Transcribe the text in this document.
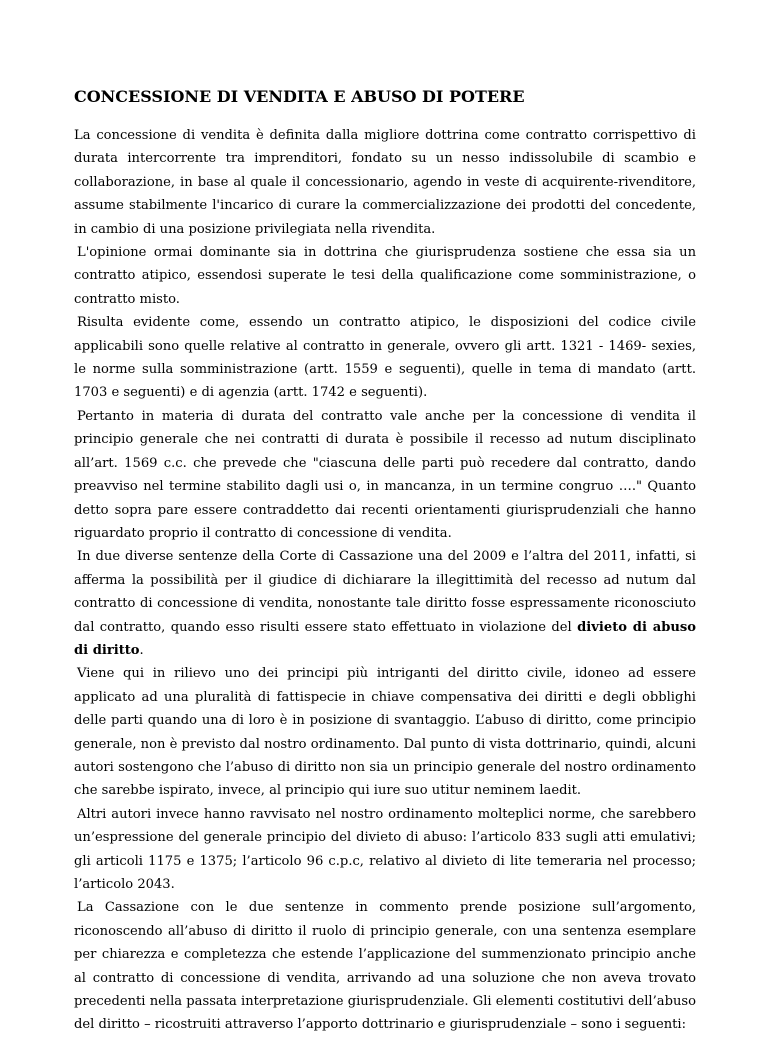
CONCESSIONE DI VENDITA E ABUSO DI POTERE

La concessione di vendita è definita dalla migliore dottrina come contratto corrispettivo di durata intercorrente tra imprenditori, fondato su un nesso indissolubile di scambio e collaborazione, in base al quale il concessionario, agendo in veste di acquirente-rivenditore, assume stabilmente l'incarico di curare la commercializzazione dei prodotti del concedente, in cambio di una posizione privilegiata nella rivendita.

L'opinione ormai dominante sia in dottrina che giurisprudenza sostiene che essa sia un contratto atipico, essendosi superate le tesi della qualificazione come somministrazione, o contratto misto.

Risulta evidente come, essendo un contratto atipico, le disposizioni del codice civile applicabili sono quelle relative al contratto in generale, ovvero gli artt. 1321 - 1469- sexies, le norme sulla somministrazione (artt. 1559 e seguenti), quelle in tema di mandato (artt. 1703 e seguenti) e di agenzia (artt. 1742 e seguenti).

Pertanto in materia di durata del contratto vale anche per la concessione di vendita il principio generale che nei contratti di durata è possibile il recesso ad nutum disciplinato all’art. 1569 c.c. che prevede che "ciascuna delle parti può recedere dal contratto, dando preavviso nel termine stabilito dagli usi o, in mancanza, in un termine congruo …." Quanto detto sopra pare essere contraddetto dai recenti orientamenti giurisprudenziali che hanno riguardato proprio il contratto di concessione di vendita.

In due diverse sentenze della Corte di Cassazione una del 2009 e l’altra del 2011, infatti, si afferma la possibilità per il giudice di dichiarare la illegittimità del recesso ad nutum dal contratto di concessione di vendita, nonostante tale diritto fosse espressamente riconosciuto dal contratto, quando esso risulti essere stato effettuato in violazione del divieto di abuso di diritto.

Viene qui in rilievo uno dei principi più intriganti del diritto civile, idoneo ad essere applicato ad una pluralità di fattispecie in chiave compensativa dei diritti e degli obblighi delle parti quando una di loro è in posizione di svantaggio. L’abuso di diritto, come principio generale, non è previsto dal nostro ordinamento. Dal punto di vista dottrinario, quindi, alcuni autori sostengono che l’abuso di diritto non sia un principio generale del nostro ordinamento che sarebbe ispirato, invece, al principio qui iure suo utitur neminem laedit.

Altri autori invece hanno ravvisato nel nostro ordinamento molteplici norme, che sarebbero un’espressione del generale principio del divieto di abuso: l’articolo 833 sugli atti emulativi; gli articoli 1175 e 1375; l’articolo 96 c.p.c, relativo al divieto di lite temeraria nel processo; l’articolo 2043.

La Cassazione con le due sentenze in commento prende posizione sull’argomento, riconoscendo all’abuso di diritto il ruolo di principio generale, con una sentenza esemplare per chiarezza e completezza che estende l’applicazione del summenzionato principio anche al contratto di concessione di vendita, arrivando ad una soluzione che non aveva trovato precedenti nella passata interpretazione giurisprudenziale. Gli elementi costitutivi dell’abuso del diritto – ricostruiti attraverso l’apporto dottrinario e giurisprudenziale – sono i seguenti:
